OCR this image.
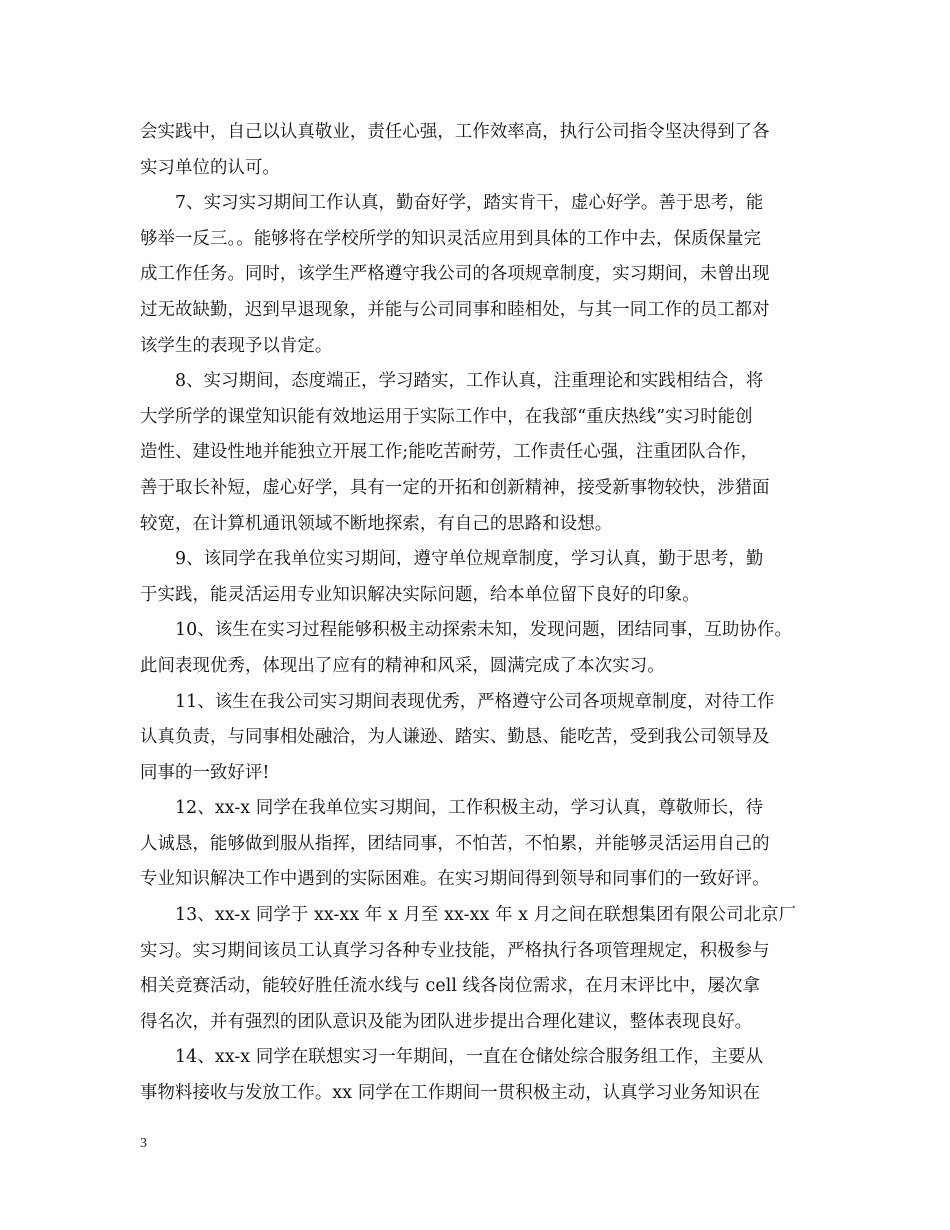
会实践中，自己以认真敬业，责任心强，工作效率高，执行公司指令坚决得到了各
实习单位的认可。
7、实习实习期间工作认真，勤奋好学，踏实肯干，虚心好学。善于思考，能
够举一反三。。能够将在学校所学的知识灵活应用到具体的工作中去，保质保量完
成工作任务。同时，该学生严格遵守我公司的各项规章制度，实习期间，未曾出现
过无故缺勤，迟到早退现象，并能与公司同事和睦相处，与其一同工作的员工都对
该学生的表现予以肯定。
8、实习期间，态度端正，学习踏实，工作认真，注重理论和实践相结合，将
大学所学的课堂知识能有效地运用于实际工作中，在我部“重庆热线”实习时能创
造性、建设性地并能独立开展工作;能吃苦耐劳，工作责任心强，注重团队合作，
善于取长补短，虚心好学，具有一定的开拓和创新精神，接受新事物较快，涉猎面
较宽，在计算机通讯领域不断地探索，有自己的思路和设想。
9、该同学在我单位实习期间，遵守单位规章制度，学习认真，勤于思考，勤
于实践，能灵活运用专业知识解决实际问题，给本单位留下良好的印象。
10、该生在实习过程能够积极主动探索未知，发现问题，团结同事，互助协作。
此间表现优秀，体现出了应有的精神和风采，圆满完成了本次实习。
11、该生在我公司实习期间表现优秀，严格遵守公司各项规章制度，对待工作
认真负责，与同事相处融洽，为人谦逊、踏实、勤恳、能吃苦，受到我公司领导及
同事的一致好评!
12、xx-x 同学在我单位实习期间，工作积极主动，学习认真，尊敬师长，待
人诚恳，能够做到服从指挥，团结同事，不怕苦，不怕累，并能够灵活运用自己的
专业知识解决工作中遇到的实际困难。在实习期间得到领导和同事们的一致好评。
13、xx-x 同学于 xx-xx 年 x 月至 xx-xx 年 x 月之间在联想集团有限公司北京厂
实习。实习期间该员工认真学习各种专业技能，严格执行各项管理规定，积极参与
相关竞赛活动，能较好胜任流水线与 cell 线各岗位需求，在月末评比中，屡次拿
得名次，并有强烈的团队意识及能为团队进步提出合理化建议，整体表现良好。
14、xx-x 同学在联想实习一年期间，一直在仓储处综合服务组工作，主要从
事物料接收与发放工作。xx 同学在工作期间一贯积极主动，认真学习业务知识在
3
